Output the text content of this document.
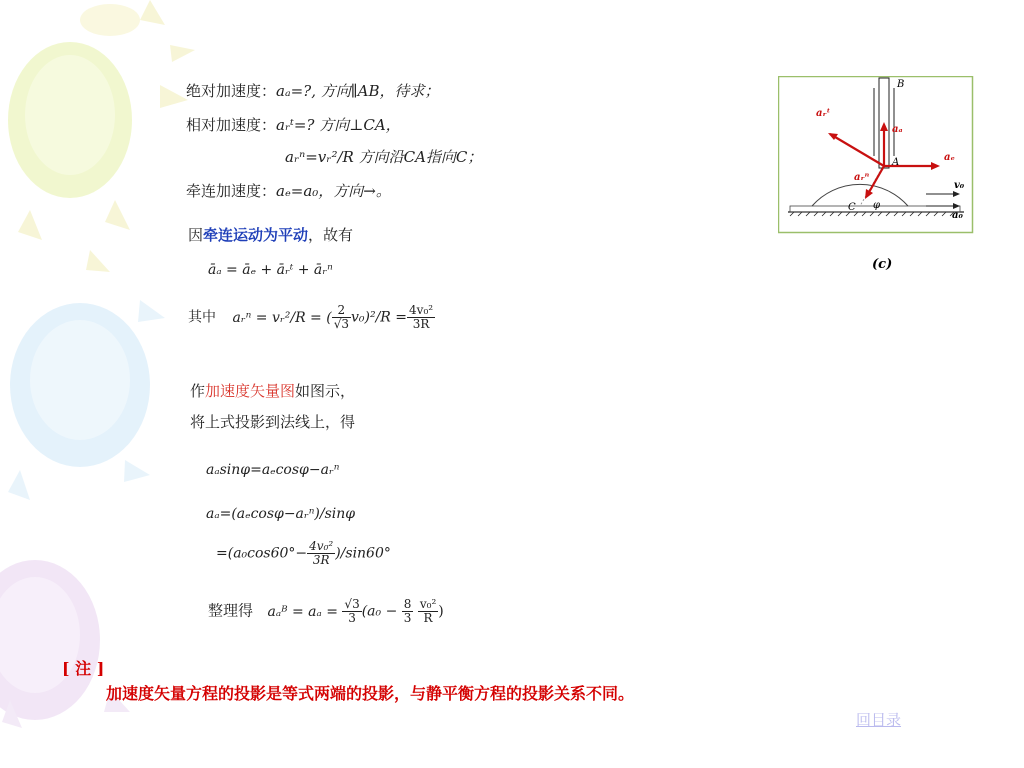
绝对加速度：aₐ=?, 方向∥AB，待求；
相对加速度：aᵣᵗ=? 方向⊥CA，
aᵣⁿ=vᵣ²/R 方向沿CA指向C；
牵连加速度：aₑ=a₀，方向→。
因牵连运动为平动，故有
āₐ = āₑ + āᵣᵗ + āᵣⁿ
其中 aᵣⁿ = vᵣ²/R = ( $\frac{2}{√3} v_0)^2/R = \frac{\text{4v₀²}}{3R}$
作加速度矢量图如图示，
将上式投影到法线上，得
aₐsinφ=aₑcosφ−aᵣⁿ
aₐ=(aₑcosφ−aᵣⁿ)/sinφ
$=(a_0\cos 60^\circ- \frac{\text{4v₀²}}{3R} )/\sin 60^\circ$
整理得 aₐᴮ = $a_a = \frac{√3}{3} (a_0 - \frac{8}{3}$
$\frac{\text{v₀²}}{R}$ )
B
A
C φ
aᵣᵗ
aₐ
aₑ
aᵣⁿ
v₀
a₀
(c)
[ 注 ]
加速度矢量方程的投影是等式两端的投影，与静平衡方程的投影关系不同。
回目录
